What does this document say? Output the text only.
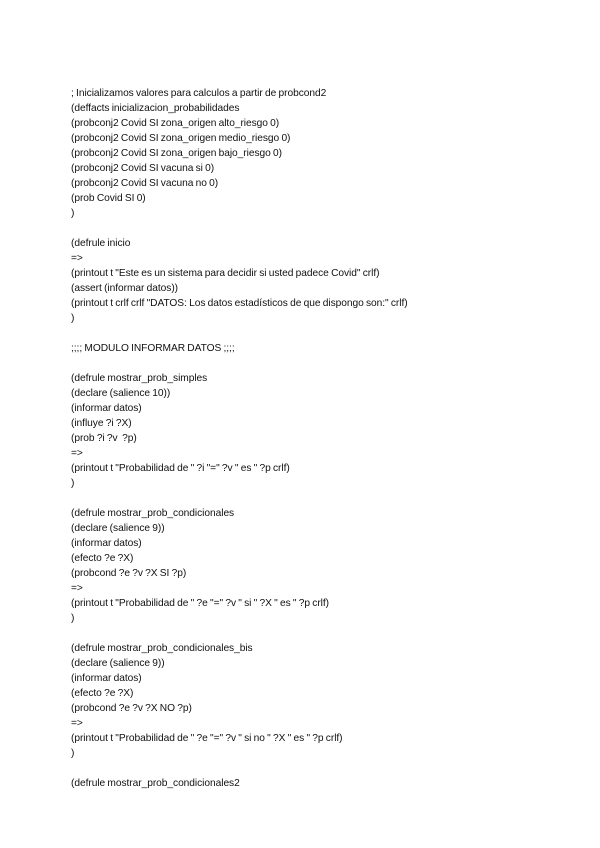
; Inicializamos valores para calculos a partir de probcond2
(deffacts inicializacion_probabilidades
(probconj2 Covid SI zona_origen alto_riesgo 0)
(probconj2 Covid SI zona_origen medio_riesgo 0)
(probconj2 Covid SI zona_origen bajo_riesgo 0)
(probconj2 Covid SI vacuna si 0)
(probconj2 Covid SI vacuna no 0)
(prob Covid SI 0)
)
(defrule inicio
=>
(printout t "Este es un sistema para decidir si usted padece Covid" crlf)
(assert (informar datos))
(printout t crlf crlf "DATOS: Los datos estadísticos de que dispongo son:" crlf)
)
;;;; MODULO INFORMAR DATOS ;;;;
(defrule mostrar_prob_simples
(declare (salience 10))
(informar datos)
(influye ?i ?X)
(prob ?i ?v  ?p)
=>
(printout t "Probabilidad de " ?i "=" ?v " es " ?p crlf)
)
(defrule mostrar_prob_condicionales
(declare (salience 9))
(informar datos)
(efecto ?e ?X)
(probcond ?e ?v ?X SI ?p)
=>
(printout t "Probabilidad de " ?e "=" ?v " si " ?X " es " ?p crlf)
)
(defrule mostrar_prob_condicionales_bis
(declare (salience 9))
(informar datos)
(efecto ?e ?X)
(probcond ?e ?v ?X NO ?p)
=>
(printout t "Probabilidad de " ?e "=" ?v " si no " ?X " es " ?p crlf)
)
(defrule mostrar_prob_condicionales2
